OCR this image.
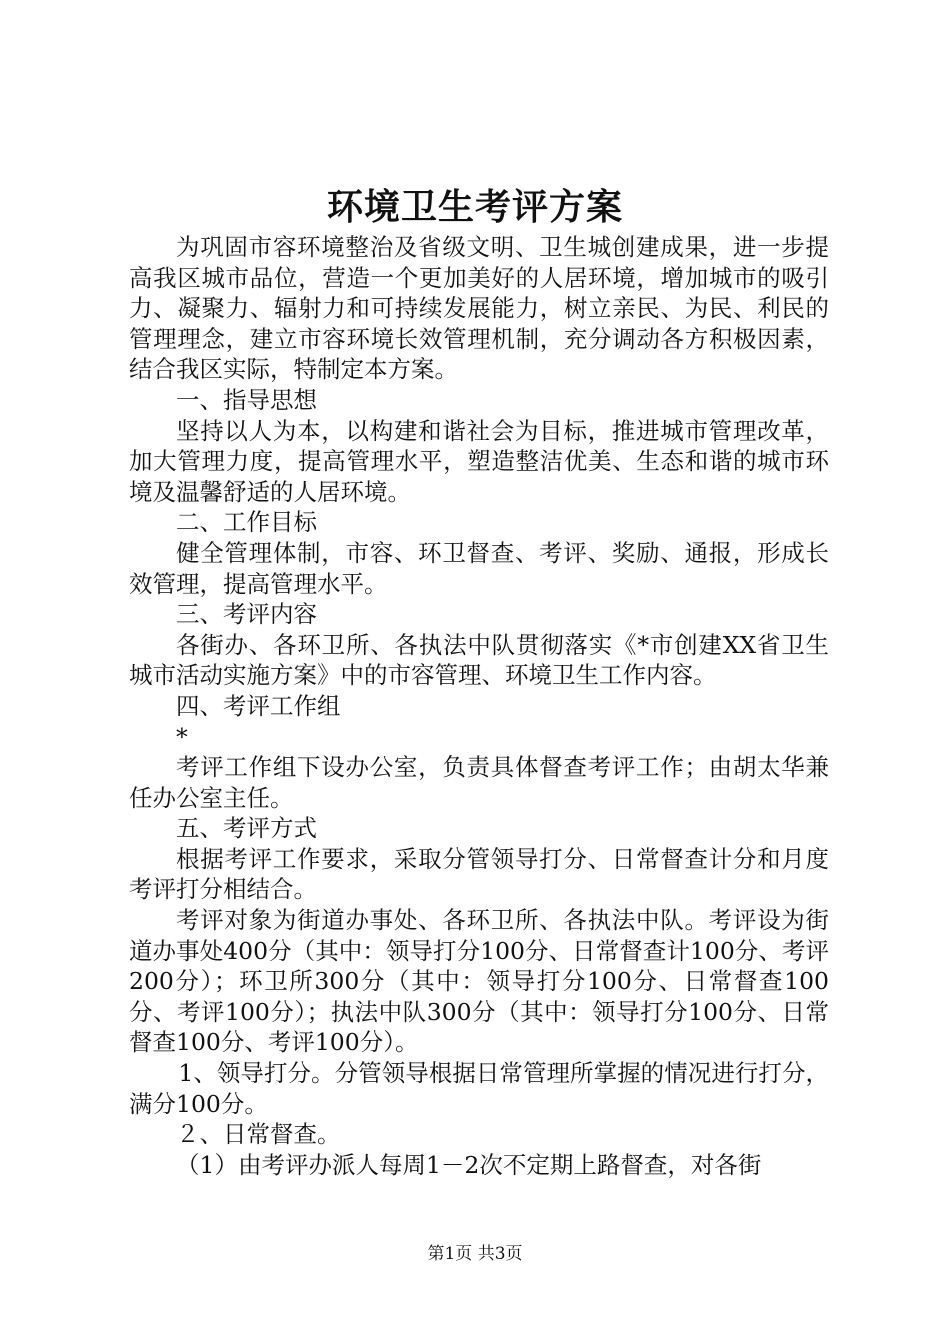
环境卫生考评方案

为巩固市容环境整治及省级文明、卫生城创建成果，进一步提高我区城市品位，营造一个更加美好的人居环境，增加城市的吸引力、凝聚力、辐射力和可持续发展能力，树立亲民、为民、利民的管理理念，建立市容环境长效管理机制，充分调动各方积极因素，结合我区实际，特制定本方案。

一、指导思想

坚持以人为本，以构建和谐社会为目标，推进城市管理改革，加大管理力度，提高管理水平，塑造整洁优美、生态和谐的城市环境及温馨舒适的人居环境。

二、工作目标

健全管理体制，市容、环卫督查、考评、奖励、通报，形成长效管理，提高管理水平。

三、考评内容

各街办、各环卫所、各执法中队贯彻落实《*市创建XX省卫生城市活动实施方案》中的市容管理、环境卫生工作内容。

四、考评工作组

*

考评工作组下设办公室，负责具体督查考评工作；由胡太华兼任办公室主任。

五、考评方式

根据考评工作要求，采取分管领导打分、日常督查计分和月度考评打分相结合。

考评对象为街道办事处、各环卫所、各执法中队。考评设为街道办事处400分（其中：领导打分100分、日常督查计100分、考评200分）；环卫所300分（其中：领导打分100分、日常督查100分、考评100分）；执法中队300分（其中：领导打分100分、日常督查100分、考评100分）。

1、领导打分。分管领导根据日常管理所掌握的情况进行打分，满分100分。

２、日常督查。

（1）由考评办派人每周1－2次不定期上路督查，对各街

第1页 共3页
